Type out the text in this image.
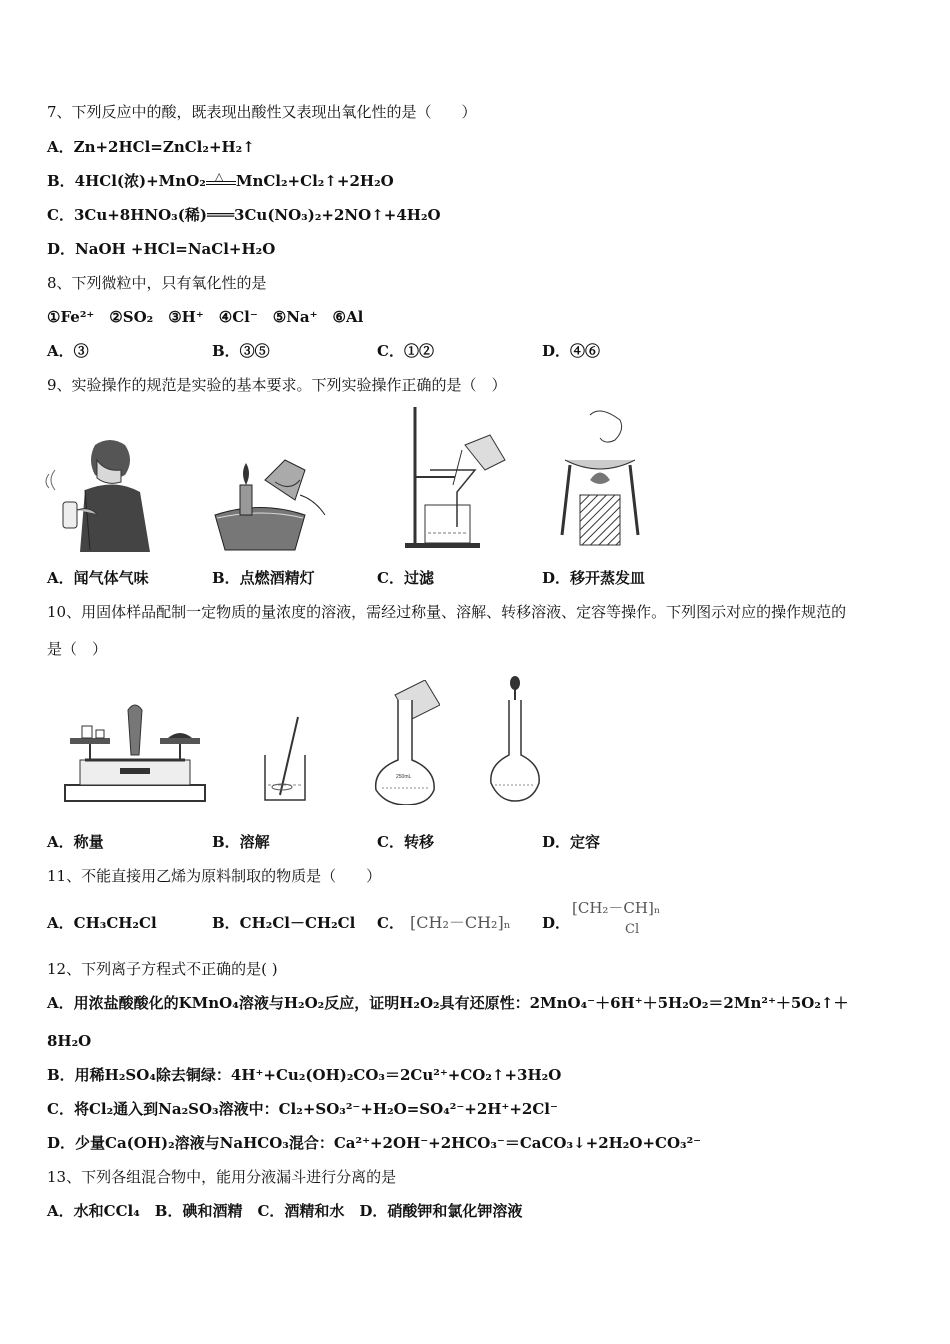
7、下列反应中的酸，既表现出酸性又表现出氧化性的是（　　）
A．Zn+2HCl=ZnCl₂+H₂↑
B．4HCl(浓)+MnO₂ △ MnCl₂+Cl₂↑+2H₂O
C．3Cu+8HNO₃(稀)═══3Cu(NO₃)₂+2NO↑+4H₂O
D．NaOH +HCl=NaCl+H₂O
8、下列微粒中，只有氧化性的是
①Fe²⁺　②SO₂　③H⁺　④Cl⁻　⑤Na⁺　⑥Al
A．③	B．③⑤	C．①②	D．④⑥
9、实验操作的规范是实验的基本要求。下列实验操作正确的是（　）
A．闻气体气味	B．点燃酒精灯	C．过滤	D．移开蒸发皿
10、用固体样品配制一定物质的量浓度的溶液，需经过称量、溶解、转移溶液、定容等操作。下列图示对应的操作规范的
是（　）
250mL
A．称量	B．溶解	C．转移	D．定容
11、不能直接用乙烯为原料制取的物质是（　　）
A．CH₃CH₂Cl	B．CH₂Cl－CH₂Cl C． [CH₂－CH₂]ₙ D．
[CH₂－CH]ₙ
Cl
12、下列离子方程式不正确的是( )
A．用浓盐酸酸化的KMnO₄溶液与H₂O₂反应，证明H₂O₂具有还原性：2MnO₄⁻＋6H⁺＋5H₂O₂＝2Mn²⁺＋5O₂↑＋
8H₂O
B．用稀H₂SO₄除去铜绿：4H⁺+Cu₂(OH)₂CO₃＝2Cu²⁺+CO₂↑+3H₂O
C．将Cl₂通入到Na₂SO₃溶液中：Cl₂+SO₃²⁻+H₂O=SO₄²⁻+2H⁺+2Cl⁻
D．少量Ca(OH)₂溶液与NaHCO₃混合：Ca²⁺+2OH⁻+2HCO₃⁻＝CaCO₃↓+2H₂O+CO₃²⁻
13、下列各组混合物中，能用分液漏斗进行分离的是
A．水和CCl₄　B．碘和酒精　C．酒精和水　D．硝酸钾和氯化钾溶液
